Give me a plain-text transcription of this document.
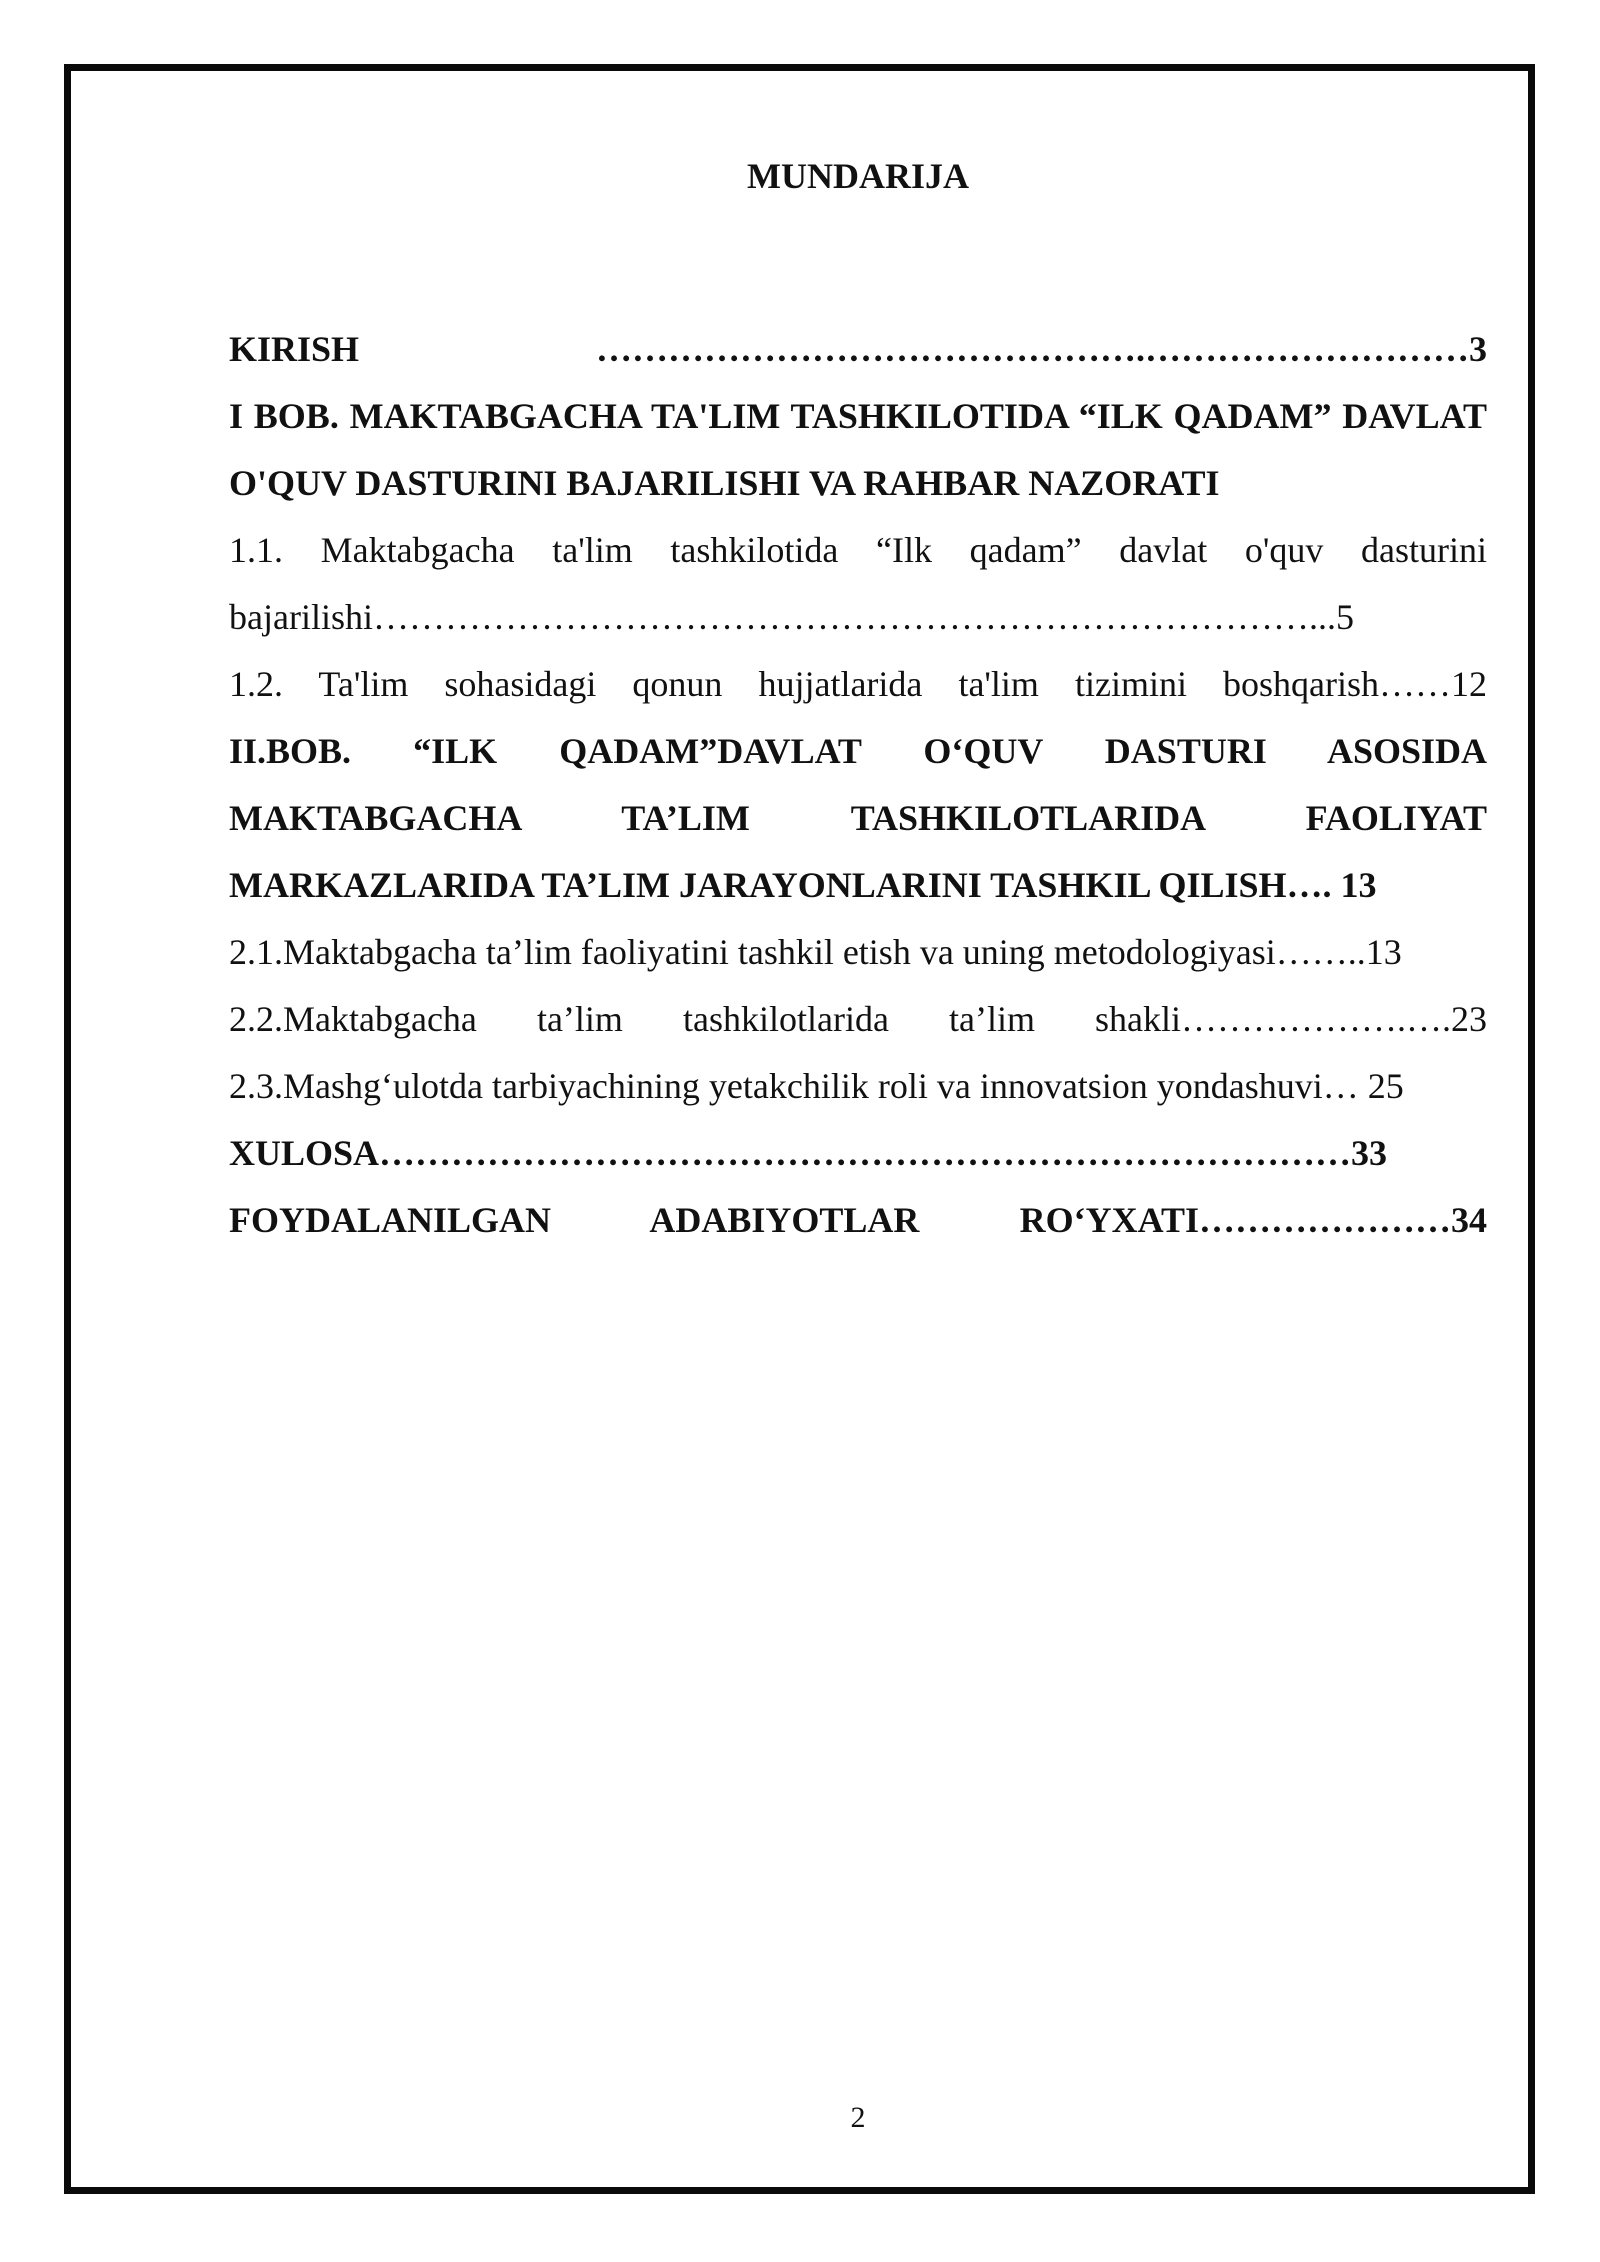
MUNDARIJA

KIRISH ……………………………………….………………………3

I BOB. MAKTABGACHA TA'LIM TASHKILOTIDA “ILK QADAM” DAVLAT O'QUV DASTURINI BAJARILISHI VA RAHBAR NAZORATI

1.1. Maktabgacha ta'lim tashkilotida “Ilk qadam” davlat o'quv dasturini bajarilishi……………………………………………………………………...5

1.2. Ta'lim sohasidagi qonun hujjatlarida ta'lim tizimini boshqarish……12

II.BOB. “ILK QADAM”DAVLAT O‘QUV DASTURI ASOSIDA MAKTABGACHA TA’LIM TASHKILOTLARIDA FAOLIYAT MARKAZLARIDA TA’LIM JARAYONLARINI TASHKIL QILISH…. 13

2.1.Maktabgacha ta’lim faoliyatini tashkil etish va uning metodologiyasi……..13

2.2.Maktabgacha ta’lim tashkilotlarida ta’lim shakli……………….….23

2.3.Mashg‘ulotda tarbiyachining yetakchilik roli va innovatsion yondashuvi… 25

XULOSA………………………………………………………………………33

FOYDALANILGAN ADABIYOTLAR RO‘YXATI…………………34

2
